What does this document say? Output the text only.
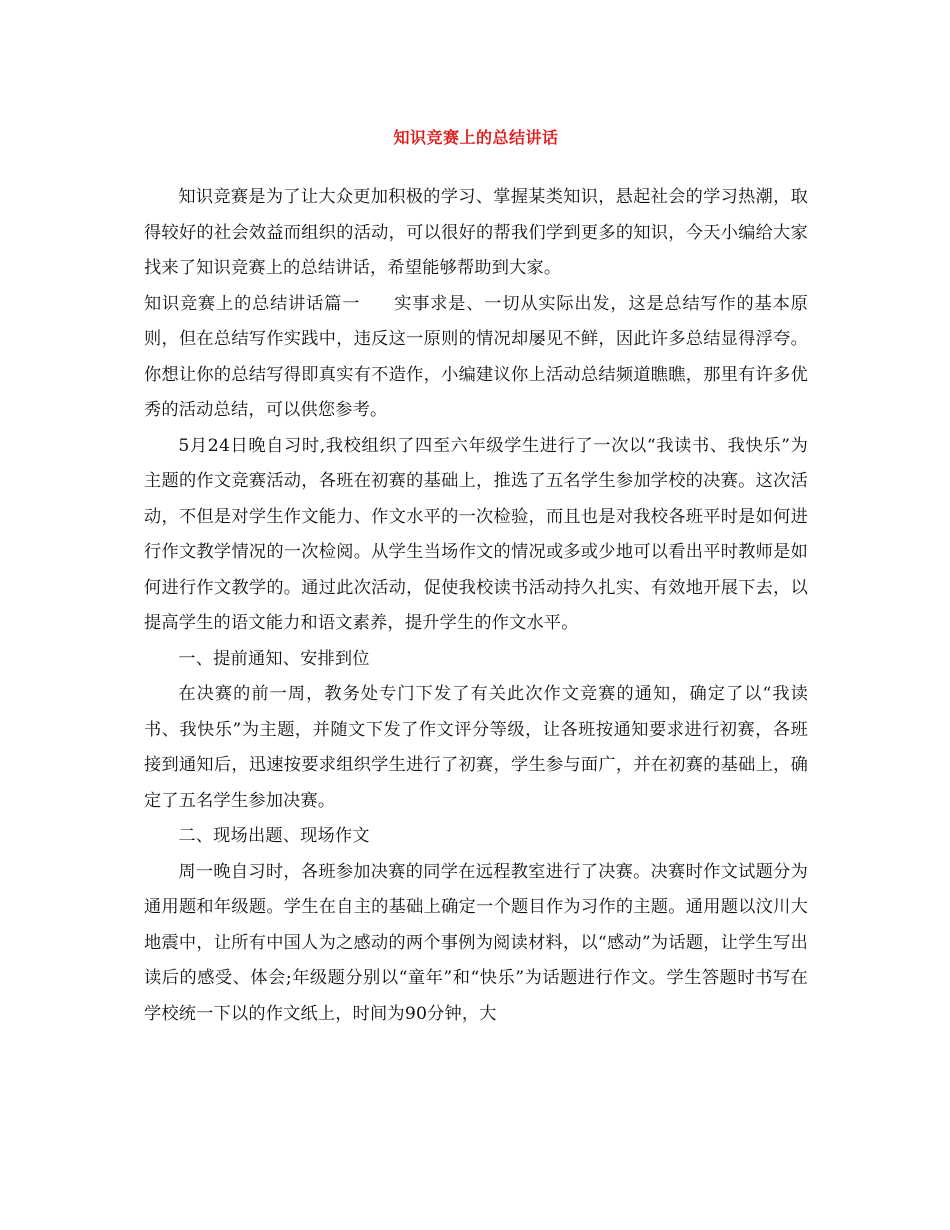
知识竞赛上的总结讲话

知识竞赛是为了让大众更加积极的学习、掌握某类知识，悬起社会的学习热潮，取得较好的社会效益而组织的活动，可以很好的帮我们学到更多的知识，今天小编给大家找来了知识竞赛上的总结讲话，希望能够帮助到大家。

知识竞赛上的总结讲话篇一 实事求是、一切从实际出发，这是总结写作的基本原则，但在总结写作实践中，违反这一原则的情况却屡见不鲜，因此许多总结显得浮夸。你想让你的总结写得即真实有不造作，小编建议你上活动总结频道瞧瞧，那里有许多优秀的活动总结，可以供您参考。

5月24日晚自习时,我校组织了四至六年级学生进行了一次以“我读书、我快乐”为主题的作文竞赛活动，各班在初赛的基础上，推选了五名学生参加学校的决赛。这次活动，不但是对学生作文能力、作文水平的一次检验，而且也是对我校各班平时是如何进行作文教学情况的一次检阅。从学生当场作文的情况或多或少地可以看出平时教师是如何进行作文教学的。通过此次活动，促使我校读书活动持久扎实、有效地开展下去，以提高学生的语文能力和语文素养，提升学生的作文水平。

一、提前通知、安排到位

在决赛的前一周，教务处专门下发了有关此次作文竞赛的通知，确定了以“我读书、我快乐”为主题，并随文下发了作文评分等级，让各班按通知要求进行初赛，各班接到通知后，迅速按要求组织学生进行了初赛，学生参与面广，并在初赛的基础上，确定了五名学生参加决赛。

二、现场出题、现场作文

周一晚自习时，各班参加决赛的同学在远程教室进行了决赛。决赛时作文试题分为通用题和年级题。学生在自主的基础上确定一个题目作为习作的主题。通用题以汶川大地震中，让所有中国人为之感动的两个事例为阅读材料，以“感动”为话题，让学生写出读后的感受、体会;年级题分别以“童年”和“快乐”为话题进行作文。学生答题时书写在学校统一下以的作文纸上，时间为90分钟，大
